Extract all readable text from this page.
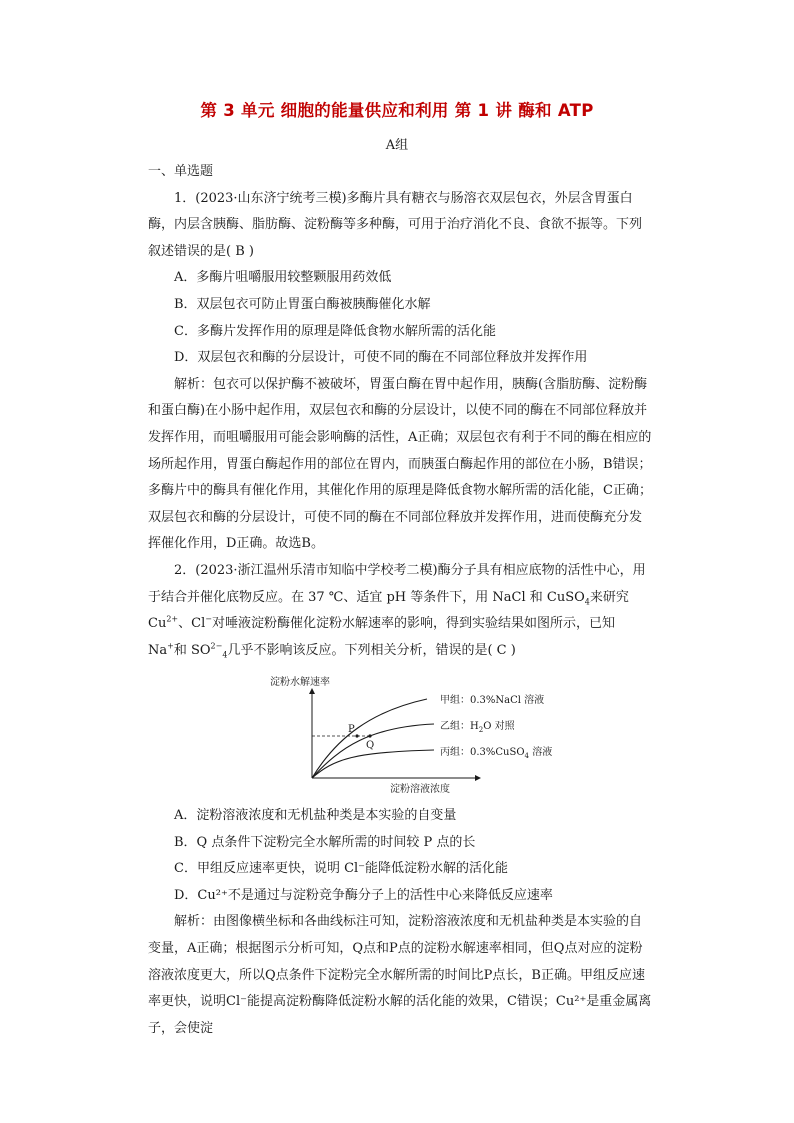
第 3 单元 细胞的能量供应和利用 第 1 讲 酶和 ATP
A组

一、单选题

1．(2023·山东济宁统考三模)多酶片具有糖衣与肠溶衣双层包衣，外层含胃蛋白酶，内层含胰酶、脂肪酶、淀粉酶等多种酶，可用于治疗消化不良、食欲不振等。下列叙述错误的是( B )

A．多酶片咀嚼服用较整颗服用药效低

B．双层包衣可防止胃蛋白酶被胰酶催化水解

C．多酶片发挥作用的原理是降低食物水解所需的活化能

D．双层包衣和酶的分层设计，可使不同的酶在不同部位释放并发挥作用

解析：包衣可以保护酶不被破坏，胃蛋白酶在胃中起作用，胰酶(含脂肪酶、淀粉酶和蛋白酶)在小肠中起作用，双层包衣和酶的分层设计，以使不同的酶在不同部位释放并发挥作用，而咀嚼服用可能会影响酶的活性，A正确；双层包衣有利于不同的酶在相应的场所起作用，胃蛋白酶起作用的部位在胃内，而胰蛋白酶起作用的部位在小肠，B错误；多酶片中的酶具有催化作用，其催化作用的原理是降低食物水解所需的活化能，C正确；双层包衣和酶的分层设计，可使不同的酶在不同部位释放并发挥作用，进而使酶充分发挥催化作用，D正确。故选B。

2．(2023·浙江温州乐清市知临中学校考二模)酶分子具有相应底物的活性中心，用于结合并催化底物反应。在 37 ℃、适宜 pH 等条件下，用 NaCl 和 CuSO$_4$来研究 $Cu^{2+}$、Cl−对唾液淀粉酶催化淀粉水解速率的影响，得到实验结果如图所示，已知 Na+和 $SO^{2-}_4$几乎不影响该反应。下列相关分析，错误的是( C )

淀粉水解速率
淀粉溶液浓度
P
Q
甲组：0.3%NaCl 溶液
乙组：$H_2O$ 对照
丙组：0.3%CuSO$_4$ 溶液

A．淀粉溶液浓度和无机盐种类是本实验的自变量

B．Q 点条件下淀粉完全水解所需的时间较 P 点的长

C．甲组反应速率更快，说明 Cl⁻能降低淀粉水解的活化能

D．Cu²⁺不是通过与淀粉竞争酶分子上的活性中心来降低反应速率

解析：由图像横坐标和各曲线标注可知，淀粉溶液浓度和无机盐种类是本实验的自变量，A正确；根据图示分析可知，Q点和P点的淀粉水解速率相同，但Q点对应的淀粉溶液浓度更大，所以Q点条件下淀粉完全水解所需的时间比P点长，B正确。甲组反应速率更快，说明Cl⁻能提高淀粉酶降低淀粉水解的活化能的效果，C错误；Cu²⁺是重金属离子，会使淀
